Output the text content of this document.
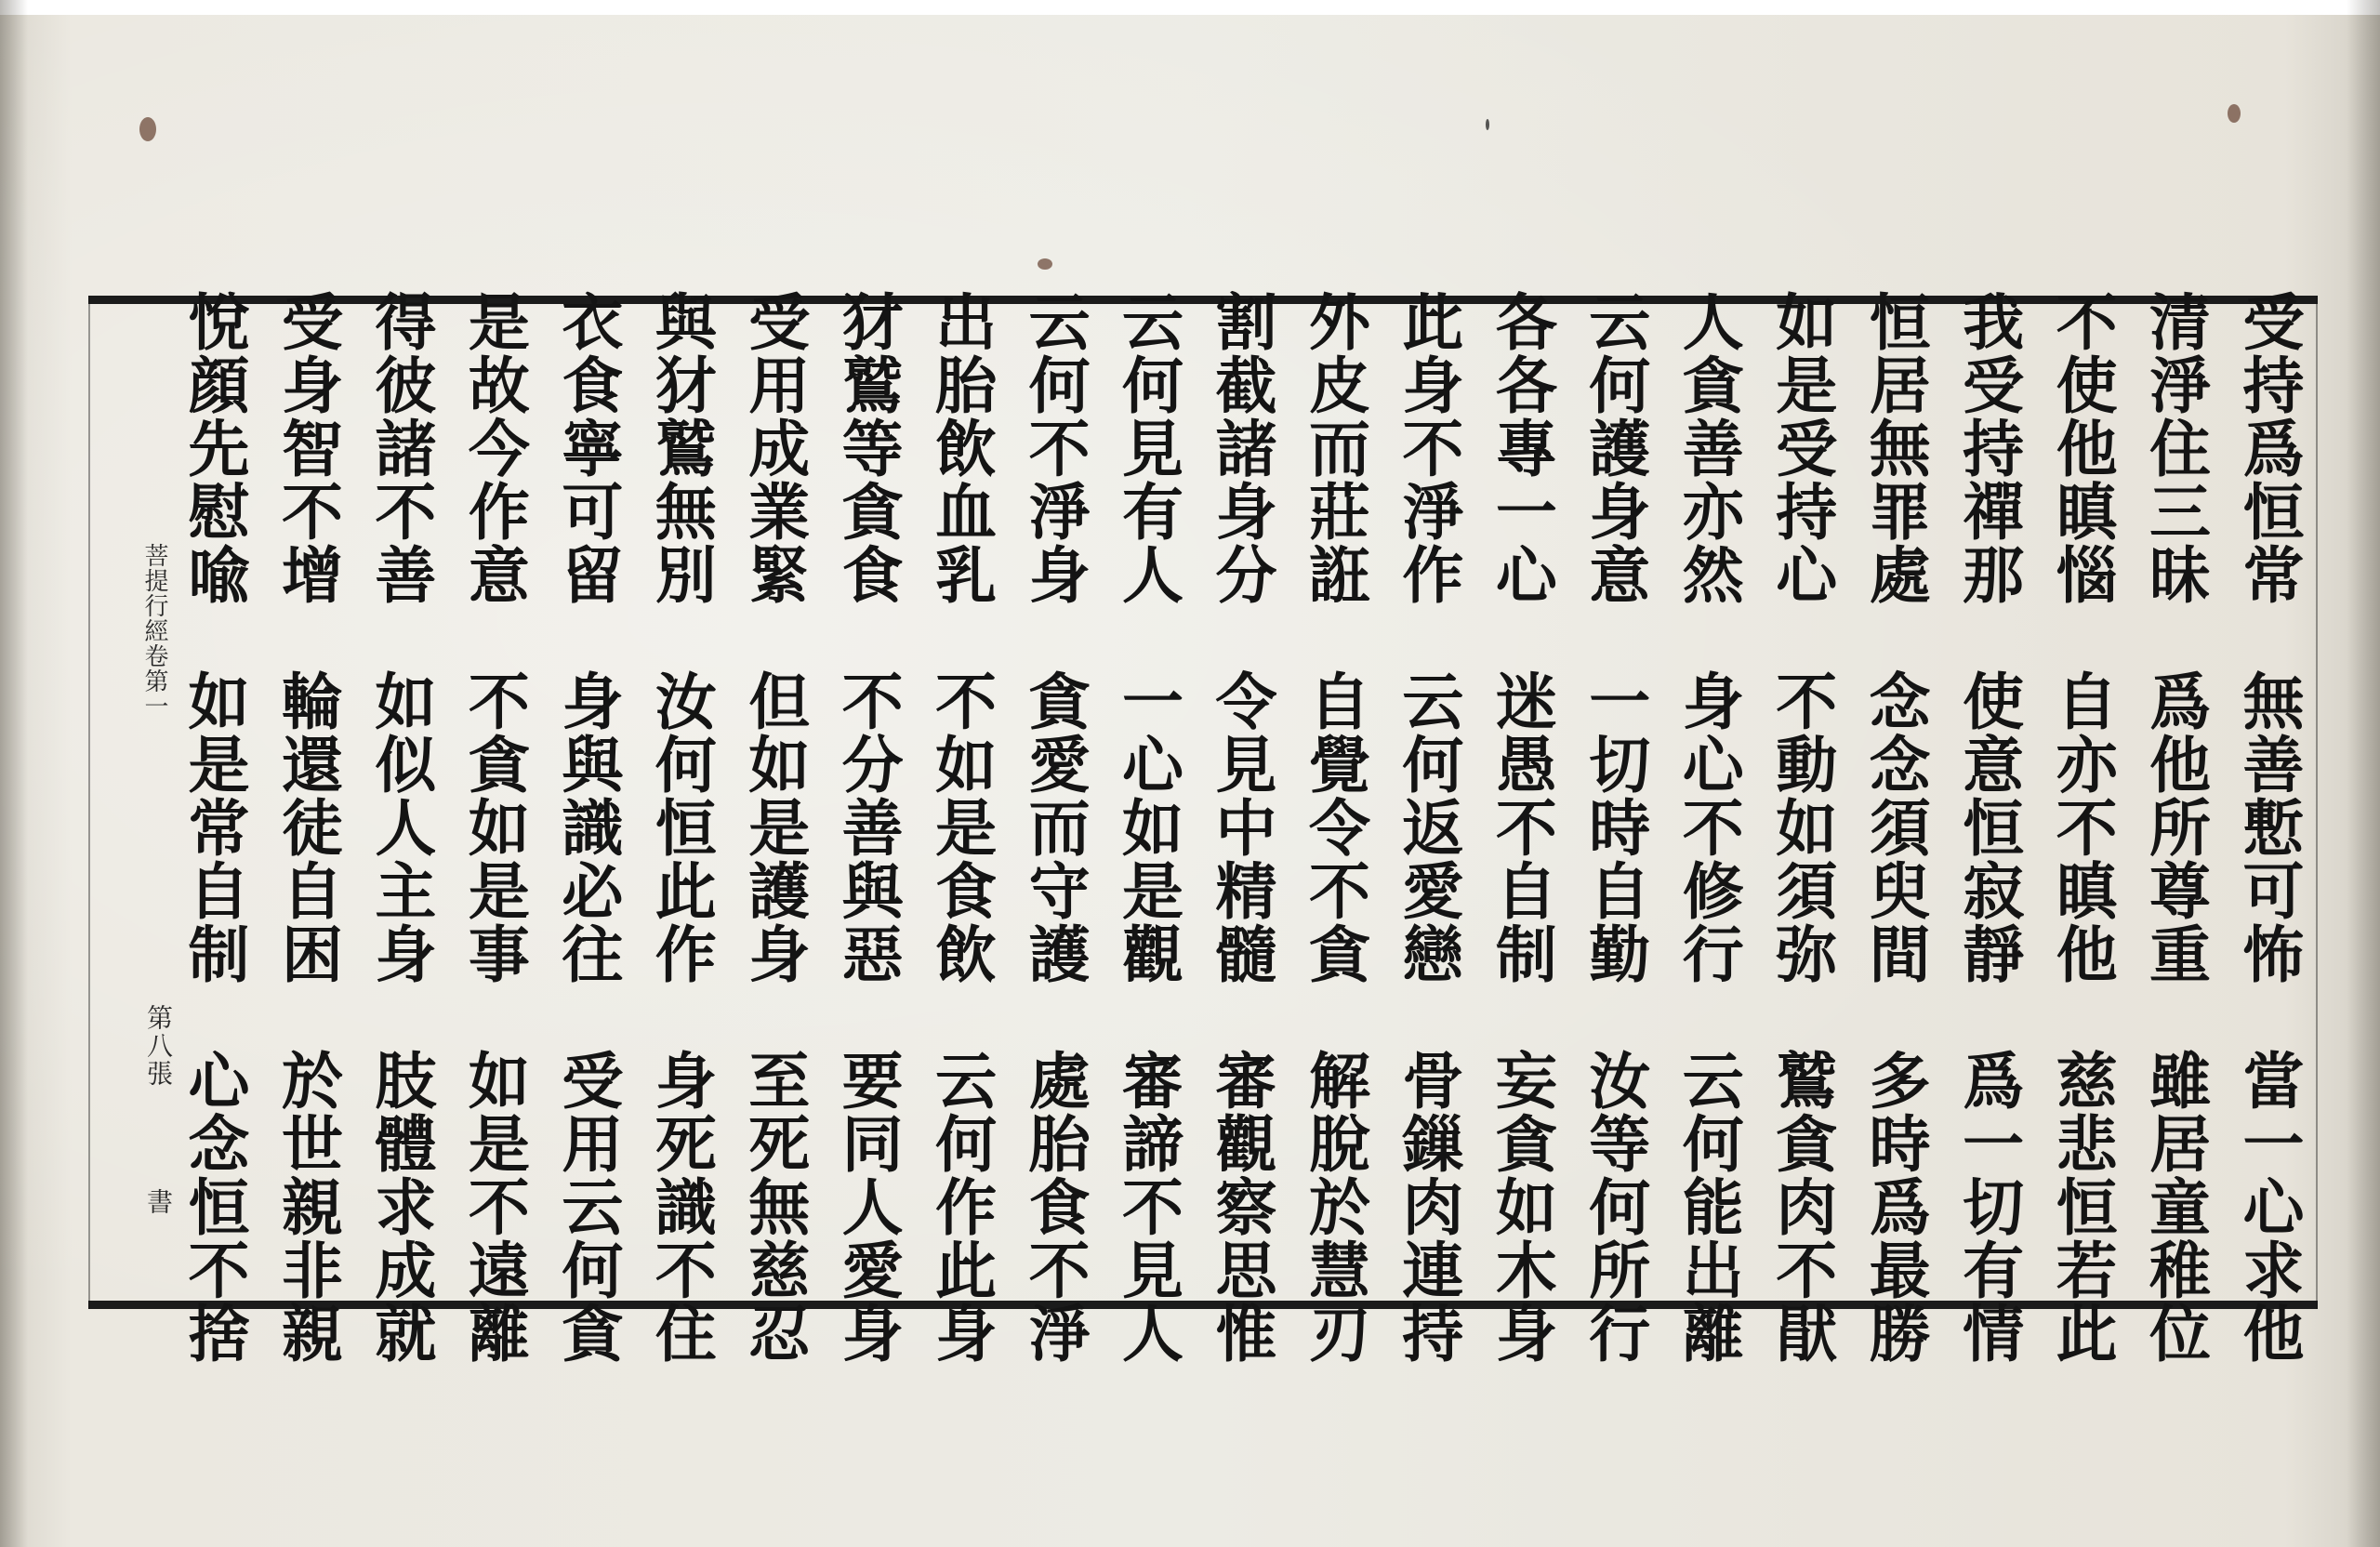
受持爲恒常　無善慙可怖　當一心求他
清淨住三昧　爲他所尊重　雖居童稚位
不使他瞋惱　自亦不瞋他　慈悲恒若此
我受持禪那　使意恒寂靜　爲一切有情
恒居無罪處　念念須臾間　多時爲最勝
如是受持心　不動如須弥　鷲貪肉不猒
人貪善亦然　身心不修行　云何能出離
云何護身意　一切時自勤　汝等何所行
各各專一心　迷愚不自制　妄貪如木身
此身不淨作　云何返愛戀　骨鏁肉連持
外皮而莊誑　自覺令不貪　解脫於慧刃
割截諸身分　令見中精髓　審觀察思惟
云何見有人　一心如是觀　審諦不見人
云何不淨身　貪愛而守護　處胎食不淨
出胎飲血乳　不如是食飲　云何作此身
犲鷲等貪食　不分善與惡　要同人愛身
受用成業緊　但如是護身　至死無慈忍
與犲鷲無別　汝何恒此作　身死識不住
衣食寧可留　身與識必往　受用云何貪
是故今作意　不貪如是事　如是不遠離
得彼諸不善　如似人主身　肢體求成就
受身智不增　輪還徒自困　於世親非親
悅顔先慰喩　如是常自制　心念恒不捨
菩提行經卷第一
第八張
書
